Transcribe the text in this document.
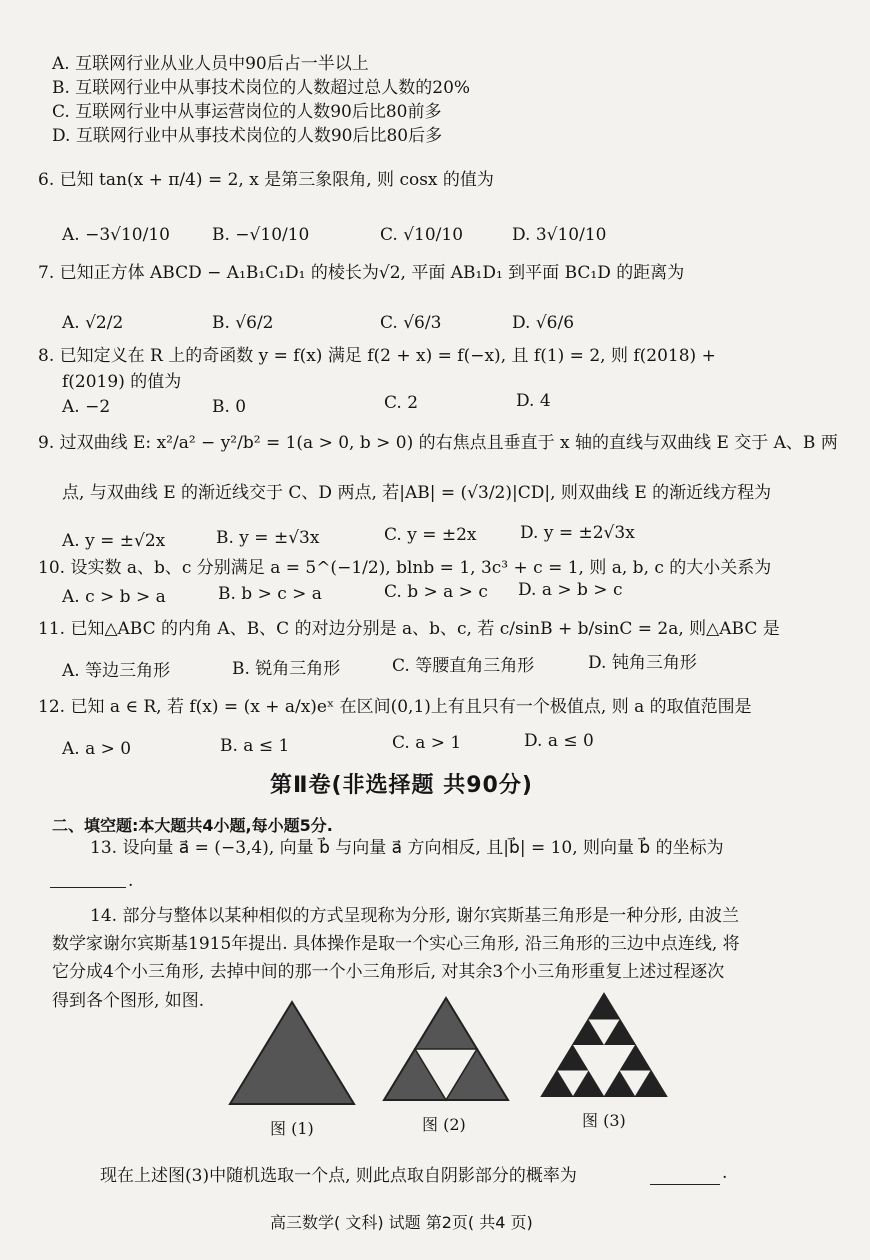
A. 互联网行业从业人员中90后占一半以上
B. 互联网行业中从事技术岗位的人数超过总人数的20%
C. 互联网行业中从事运营岗位的人数90后比80前多
D. 互联网行业中从事技术岗位的人数90后比80后多
6. 已知 tan(x + π/4) = 2, x 是第三象限角, 则 cosx 的值为
A. −3√10/10 B. −√10/10	C. √10/10	D. 3√10/10
7. 已知正方体 ABCD − A₁B₁C₁D₁ 的棱长为√2, 平面 AB₁D₁ 到平面 BC₁D 的距离为
A. √2/2	B. √6/2	C. √6/3	D. √6/6
8. 已知定义在 R 上的奇函数 y = f(x) 满足 f(2 + x) = f(−x), 且 f(1) = 2, 则 f(2018) +
f(2019) 的值为
A. −2	B. 0	C. 2	D. 4
9. 过双曲线 E: x²/a² − y²/b² = 1(a > 0, b > 0) 的右焦点且垂直于 x 轴的直线与双曲线 E 交于 A、B 两
点, 与双曲线 E 的渐近线交于 C、D 两点, 若|AB| = (√3/2)|CD|, 则双曲线 E 的渐近线方程为
A. y = ±√2x	B. y = ±√3x	C. y = ±2x	D. y = ±2√3x
10. 设实数 a、b、c 分别满足 a = 5^(−1/2), blnb = 1, 3c³ + c = 1, 则 a, b, c 的大小关系为
A. c > b > a	B. b > c > a	C. b > a > c D. a > b > c
11. 已知△ABC 的内角 A、B、C 的对边分别是 a、b、c, 若 c/sinB + b/sinC = 2a, 则△ABC 是
A. 等边三角形	B. 锐角三角形	C. 等腰直角三角形	D. 钝角三角形
12. 已知 a ∈ R, 若 f(x) = (x + a/x)eˣ 在区间(0,1)上有且只有一个极值点, 则 a 的取值范围是
A. a > 0	B. a ≤ 1	C. a > 1	D. a ≤ 0
第Ⅱ卷(非选择题 共90分)
二、填空题:本大题共4小题,每小题5分.
13. 设向量 a⃗ = (−3,4), 向量 b⃗ 与向量 a⃗ 方向相反, 且|b⃗| = 10, 则向量 b⃗ 的坐标为
.
14. 部分与整体以某种相似的方式呈现称为分形, 谢尔宾斯基三角形是一种分形, 由波兰
数学家谢尔宾斯基1915年提出. 具体操作是取一个实心三角形, 沿三角形的三边中点连线, 将
它分成4个小三角形, 去掉中间的那一个小三角形后, 对其余3个小三角形重复上述过程逐次
得到各个图形, 如图.
图 (1)	图 (2)	图 (3)
现在上述图(3)中随机选取一个点, 则此点取自阴影部分的概率为	.
高三数学( 文科) 试题 第2页( 共4 页)
